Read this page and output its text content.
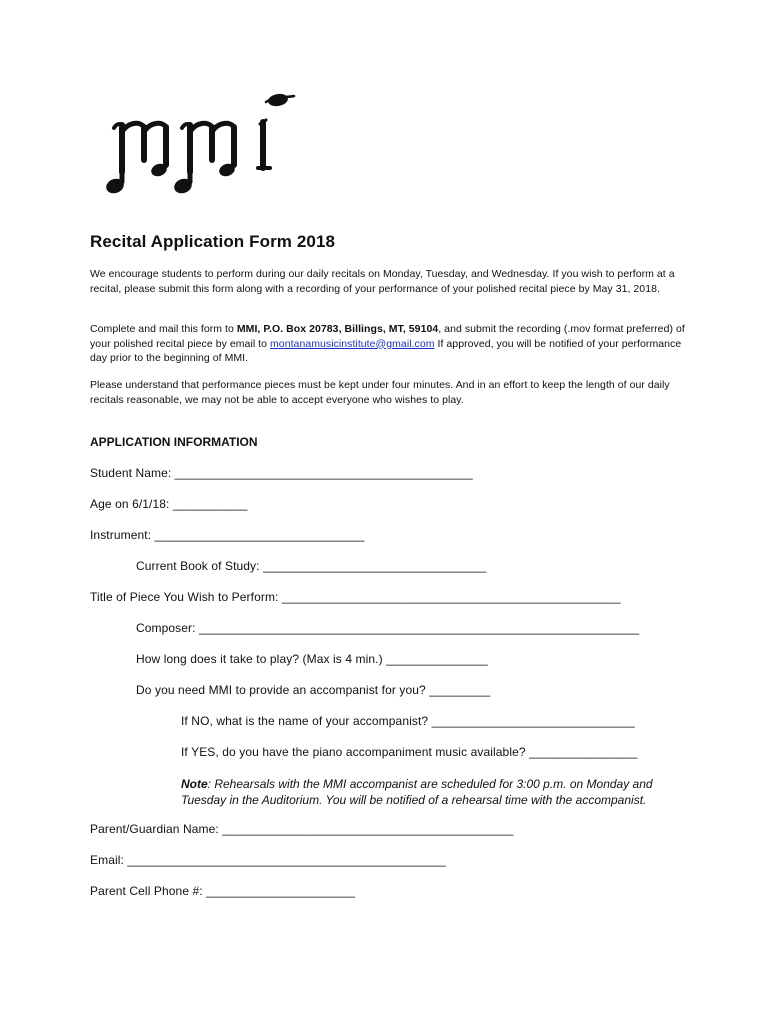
Recital Application Form 2018
We encourage students to perform during our daily recitals on Monday, Tuesday, and Wednesday. If you wish to perform at a recital, please submit this form along with a recording of your performance of your polished recital piece by May 31, 2018.
Complete and mail this form to MMI, P.O. Box 20783, Billings, MT, 59104, and submit the recording (.mov format preferred) of your polished recital piece by email to montanamusicinstitute@gmail.com If approved, you will be notified of your performance day prior to the beginning of MMI.
Please understand that performance pieces must be kept under four minutes. And in an effort to keep the length of our daily recitals reasonable, we may not be able to accept everyone who wishes to play.
APPLICATION INFORMATION
Student Name: ____________________________________________
Age on 6/1/18: ___________
Instrument: _______________________________
Current Book of Study: _________________________________
Title of Piece You Wish to Perform: __________________________________________________
Composer: _________________________________________________________________
How long does it take to play? (Max is 4 min.) _______________
Do you need MMI to provide an accompanist for you? _________
If NO, what is the name of your accompanist? ______________________________
If YES, do you have the piano accompaniment music available? ________________
Note: Rehearsals with the MMI accompanist are scheduled for 3:00 p.m. on Monday and Tuesday in the Auditorium. You will be notified of a rehearsal time with the accompanist.
Parent/Guardian Name: ___________________________________________
Email: _______________________________________________
Parent Cell Phone #: ______________________
